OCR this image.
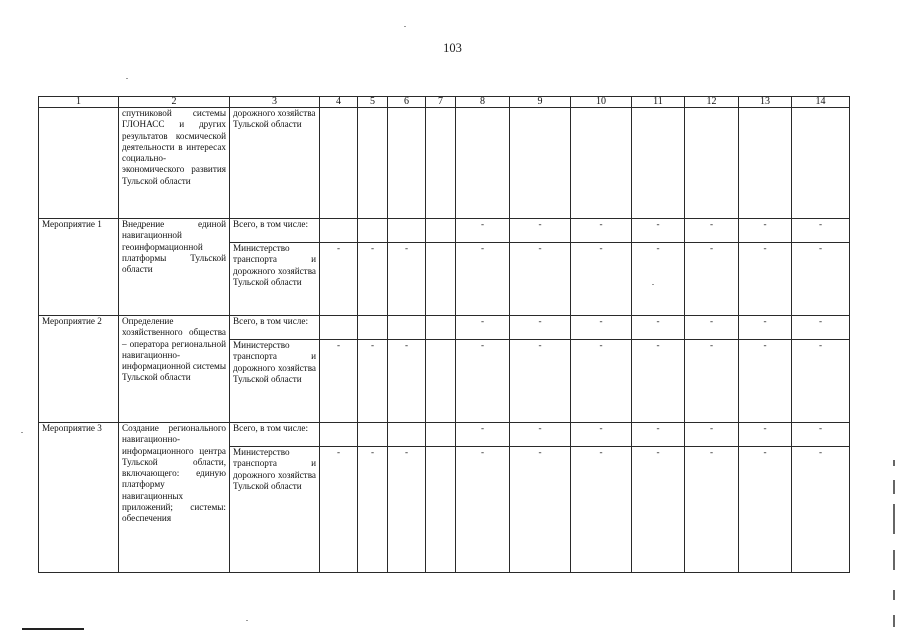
103
1	2	3	4	5	6	7	8	9	10	11	12	13	14
	спутниковой системы ГЛОНАСС и других результатов космической деятельности в интересах социально-экономического развития Тульской области	дорожного хозяйства Тульской области											
Мероприятие 1	Внедрение единой навигационной геоинформационной платформы Тульской области	Всего, в том числе:					-	-	-	-	-	-	-
		Министерство транспорта и дорожного хозяйства Тульской области	-	-	-		-	-	-	-	-	-	-
Мероприятие 2	Определение хозяйственного общества – оператора региональной навигационно-информационной системы Тульской области	Всего, в том числе:					-	-	-	-	-	-	-
		Министерство транспорта и дорожного хозяйства Тульской области	-	-	-		-	-	-	-	-	-	-
Мероприятие 3	Создание регионального навигационно-информационного центра Тульской области, включающего: единую платформу навигационных приложений; системы: обеспечения	Всего, в том числе:					-	-	-	-	-	-	-
		Министерство транспорта и дорожного хозяйства Тульской области	-	-	-		-	-	-	-	-	-	-
